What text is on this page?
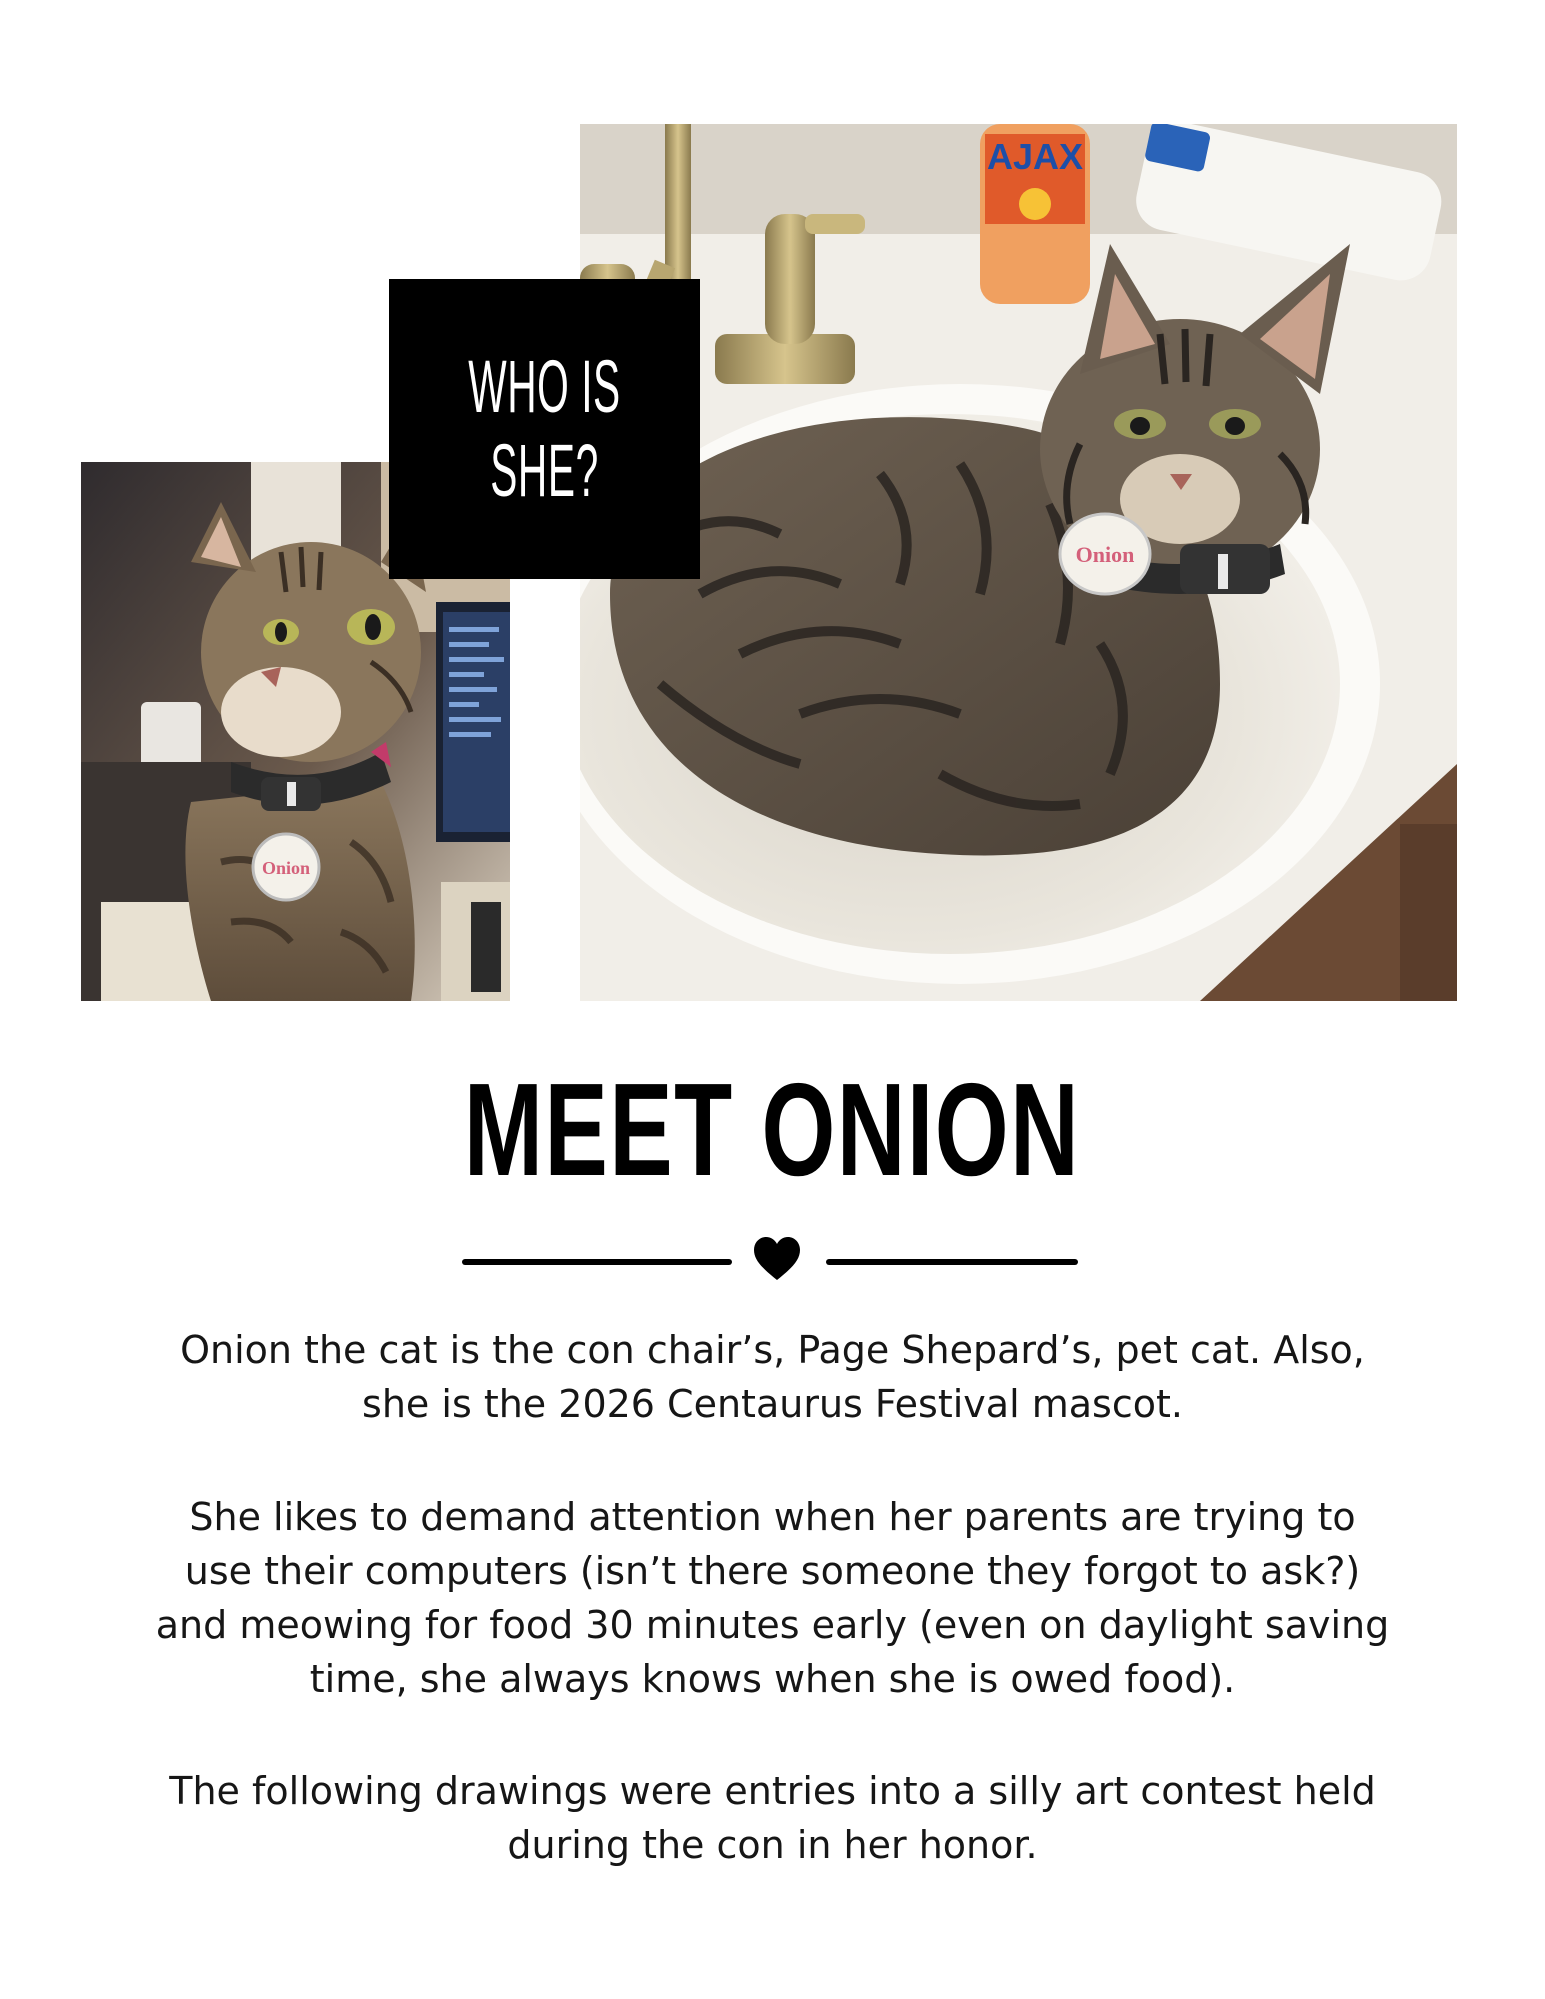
Onion
AJAX
Onion
WHO IS
SHE?
MEET ONION

Onion the cat is the con chair’s, Page Shepard’s, pet cat. Also,
she is the 2026 Centaurus Festival mascot.

She likes to demand attention when her parents are trying to
use their computers (isn’t there someone they forgot to ask?)
and meowing for food 30 minutes early (even on daylight saving
time, she always knows when she is owed food).

The following drawings were entries into a silly art contest held
during the con in her honor.
